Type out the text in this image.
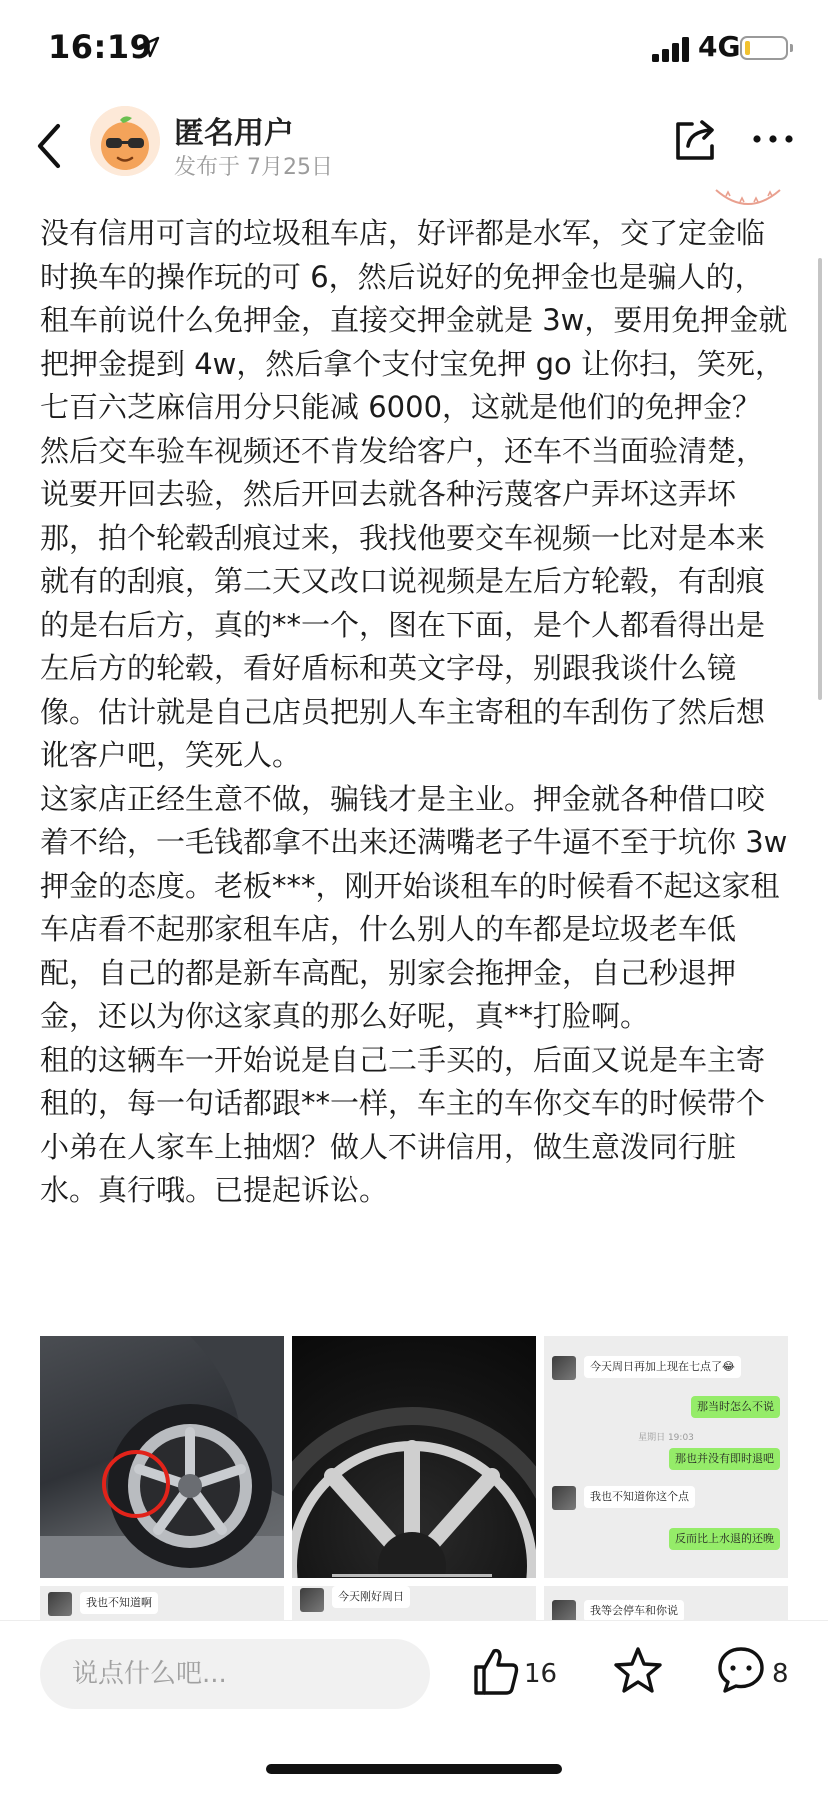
16:19	4G
匿名用户
发布于 7月25日

没有信用可言的垃圾租车店，好评都是水军，交了定金临时换车的操作玩的可 6，然后说好的免押金也是骗人的，租车前说什么免押金，直接交押金就是 3w，要用免押金就把押金提到 4w，然后拿个支付宝免押 go 让你扫，笑死，七百六芝麻信用分只能减 6000，这就是他们的免押金？

然后交车验车视频还不肯发给客户，还车不当面验清楚，说要开回去验，然后开回去就各种污蔑客户弄坏这弄坏那，拍个轮毂刮痕过来，我找他要交车视频一比对是本来就有的刮痕，第二天又改口说视频是左后方轮毂，有刮痕的是右后方，真的**一个，图在下面，是个人都看得出是左后方的轮毂，看好盾标和英文字母，别跟我谈什么镜像。估计就是自己店员把别人车主寄租的车刮伤了然后想讹客户吧，笑死人。

这家店正经生意不做，骗钱才是主业。押金就各种借口咬着不给，一毛钱都拿不出来还满嘴老子牛逼不至于坑你 3w 押金的态度。老板***，刚开始谈租车的时候看不起这家租车店看不起那家租车店，什么别人的车都是垃圾老车低配，自己的都是新车高配，别家会拖押金，自己秒退押金，还以为你这家真的那么好呢，真**打脸啊。

租的这辆车一开始说是自己二手买的，后面又说是车主寄租的，每一句话都跟**一样，车主的车你交车的时候带个小弟在人家车上抽烟？做人不讲信用，做生意泼同行脏水。真行哦。已提起诉讼。

今天周日再加上现在七点了😂
那当时怎么不说
星期日 19:03
那也并没有即时退吧
我也不知道你这个点
反而比上水退的还晚
我也不知道啊	今天刚好周日
我等会停车和你说
说点什么吧...
16	8
